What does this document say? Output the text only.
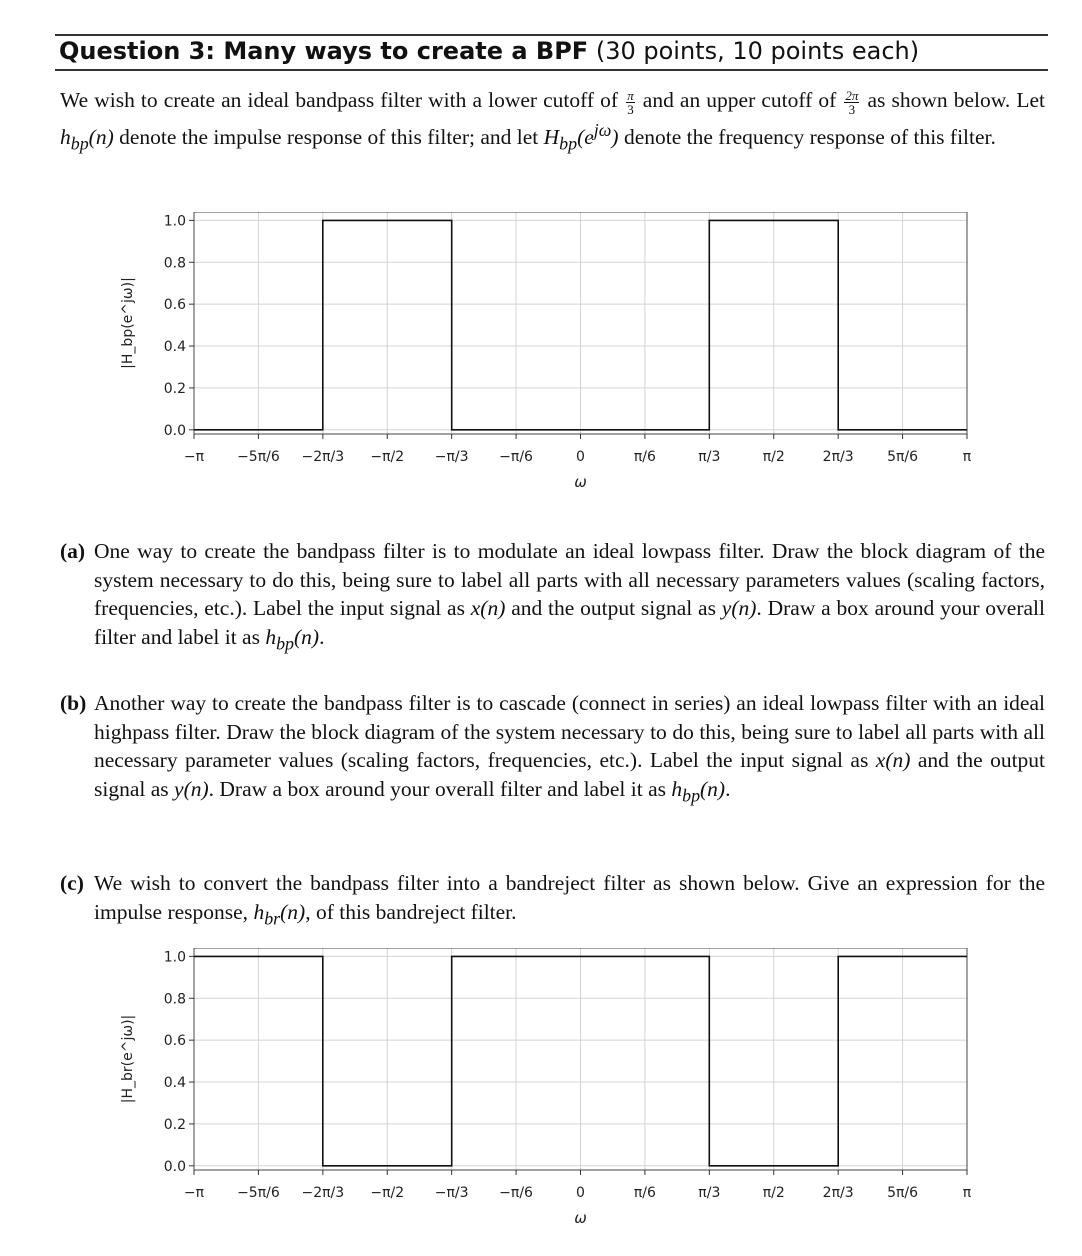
Question 3: Many ways to create a BPF (30 points, 10 points each)
We wish to create an ideal bandpass filter with a lower cutoff of $\frac{\pi}{3}$ and an upper cutoff of $\frac{2\pi}{3}$ as shown below. Let $h_{bp}(n)$ denote the impulse response of this filter; and let $H_{bp}(e^{j\omega})$ denote the frequency response of this filter.
−π −5π/6 −2π/3 −π/2 −π/3 −π/6	0	π/6	π/3	π/2	2π/3 5π/6	π
0.0
0.2
0.4
0.6
0.8
1.0
ω
|H_bp(e^jω)|
(a) One way to create the bandpass filter is to modulate an ideal lowpass filter. Draw the block diagram of the system necessary to do this, being sure to label all parts with all necessary parameters values (scaling factors, frequencies, etc.). Label the input signal as x(n) and the output signal as y(n). Draw a box around your overall filter and label it as $h_{bp}(n)$.
(b) Another way to create the bandpass filter is to cascade (connect in series) an ideal lowpass filter with an ideal highpass filter. Draw the block diagram of the system necessary to do this, being sure to label all parts with all necessary parameter values (scaling factors, frequencies, etc.). Label the input signal as x(n) and the output signal as y(n). Draw a box around your overall filter and label it as $h_{bp}(n)$.
(c) We wish to convert the bandpass filter into a bandreject filter as shown below. Give an expression for the impulse response, $h_{br}(n)$, of this bandreject filter.
−π −5π/6 −2π/3 −π/2 −π/3 −π/6	0	π/6	π/3	π/2	2π/3 5π/6	π
0.0
0.2
0.4
0.6
0.8
1.0
ω
|H_br(e^jω)|
